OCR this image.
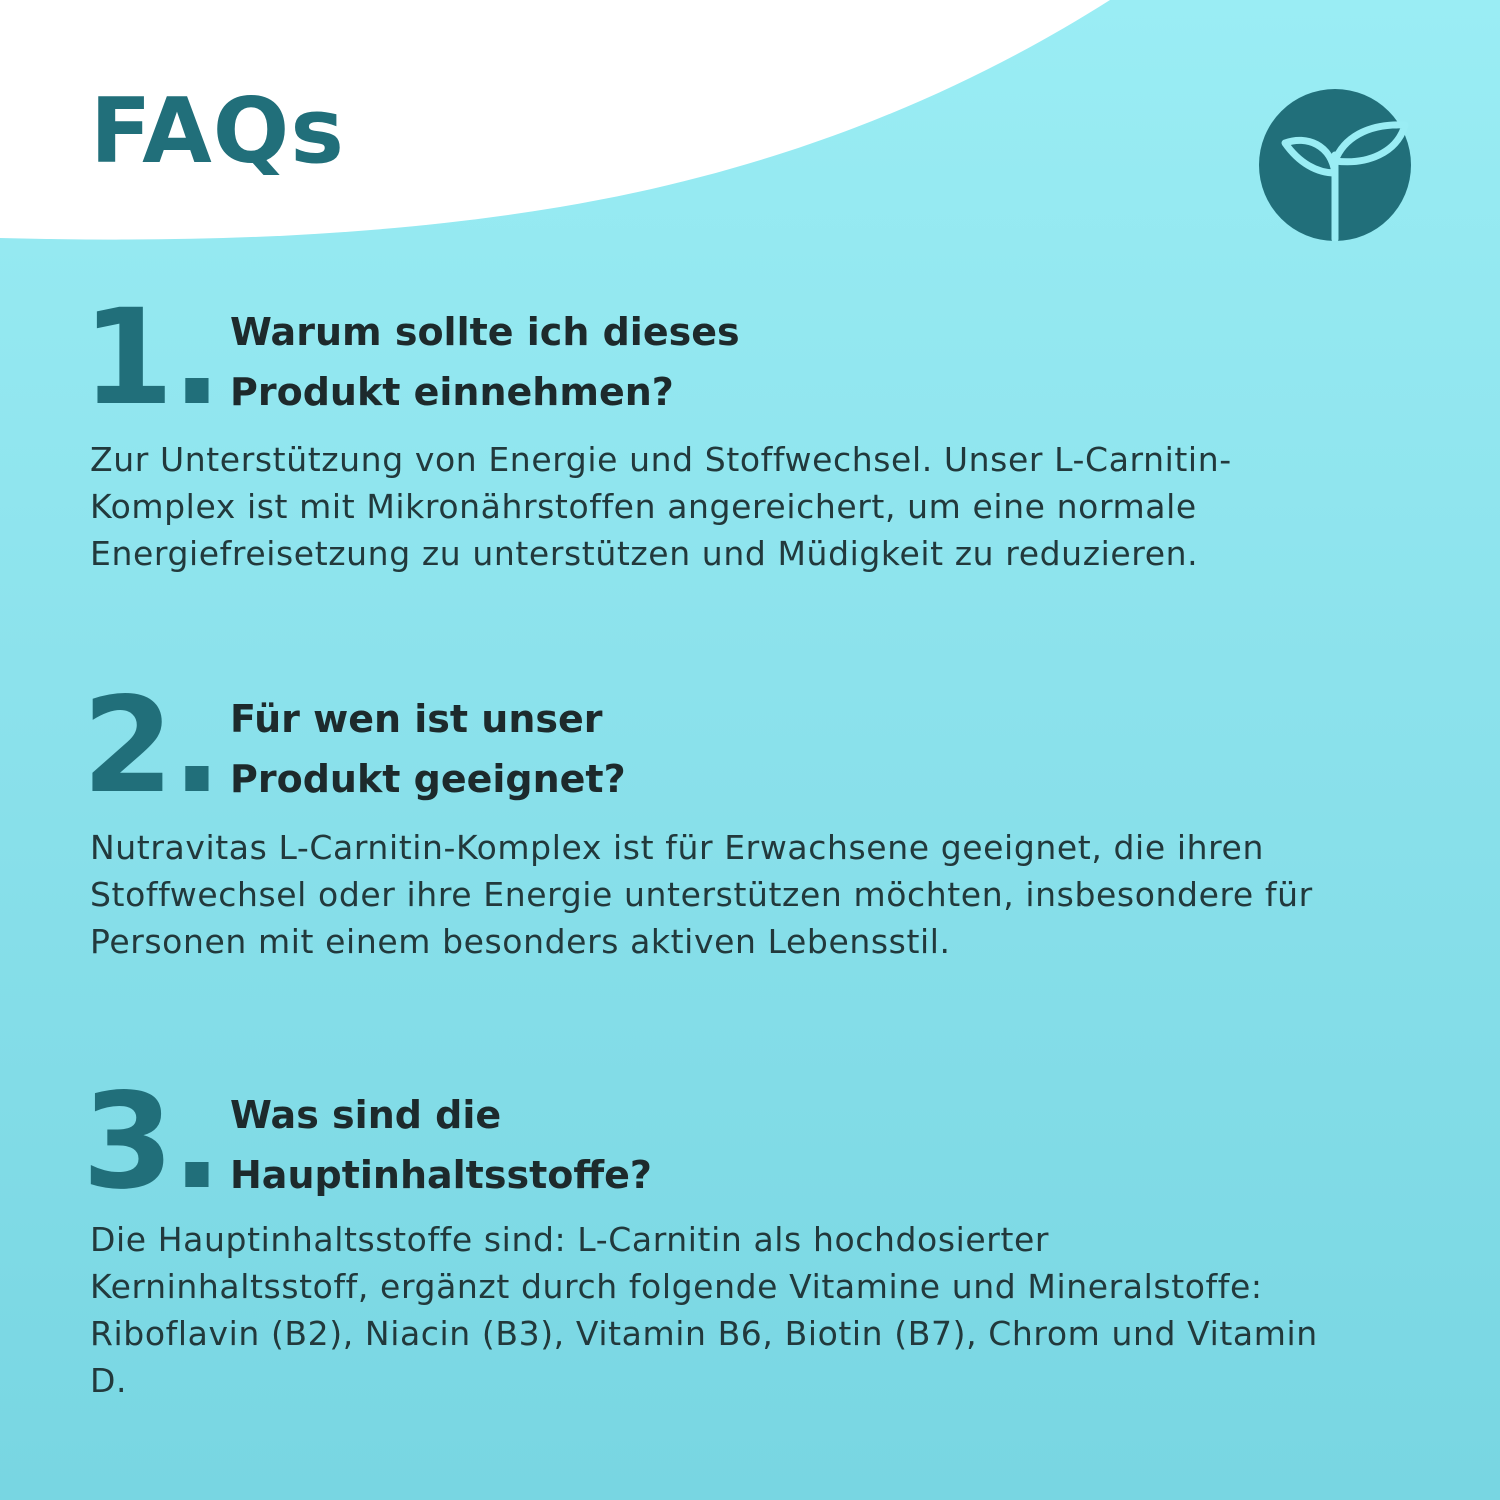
FAQs
1. Warum sollte ich dieses
Produkt einnehmen?

Zur Unterstützung von Energie und Stoffwechsel. Unser L-Carnitin-Komplex ist mit Mikronährstoffen angereichert, um eine normale Energiefreisetzung zu unterstützen und Müdigkeit zu reduzieren.

2. Für wen ist unser
Produkt geeignet?

Nutravitas L-Carnitin-Komplex ist für Erwachsene geeignet, die ihren Stoffwechsel oder ihre Energie unterstützen möchten, insbesondere für Personen mit einem besonders aktiven Lebensstil.

3. Was sind die
Hauptinhaltsstoffe?

Die Hauptinhaltsstoffe sind: L-Carnitin als hochdosierter Kerninhaltsstoff, ergänzt durch folgende Vitamine und Mineralstoffe: Riboflavin (B2), Niacin (B3), Vitamin B6, Biotin (B7), Chrom und Vitamin D.
